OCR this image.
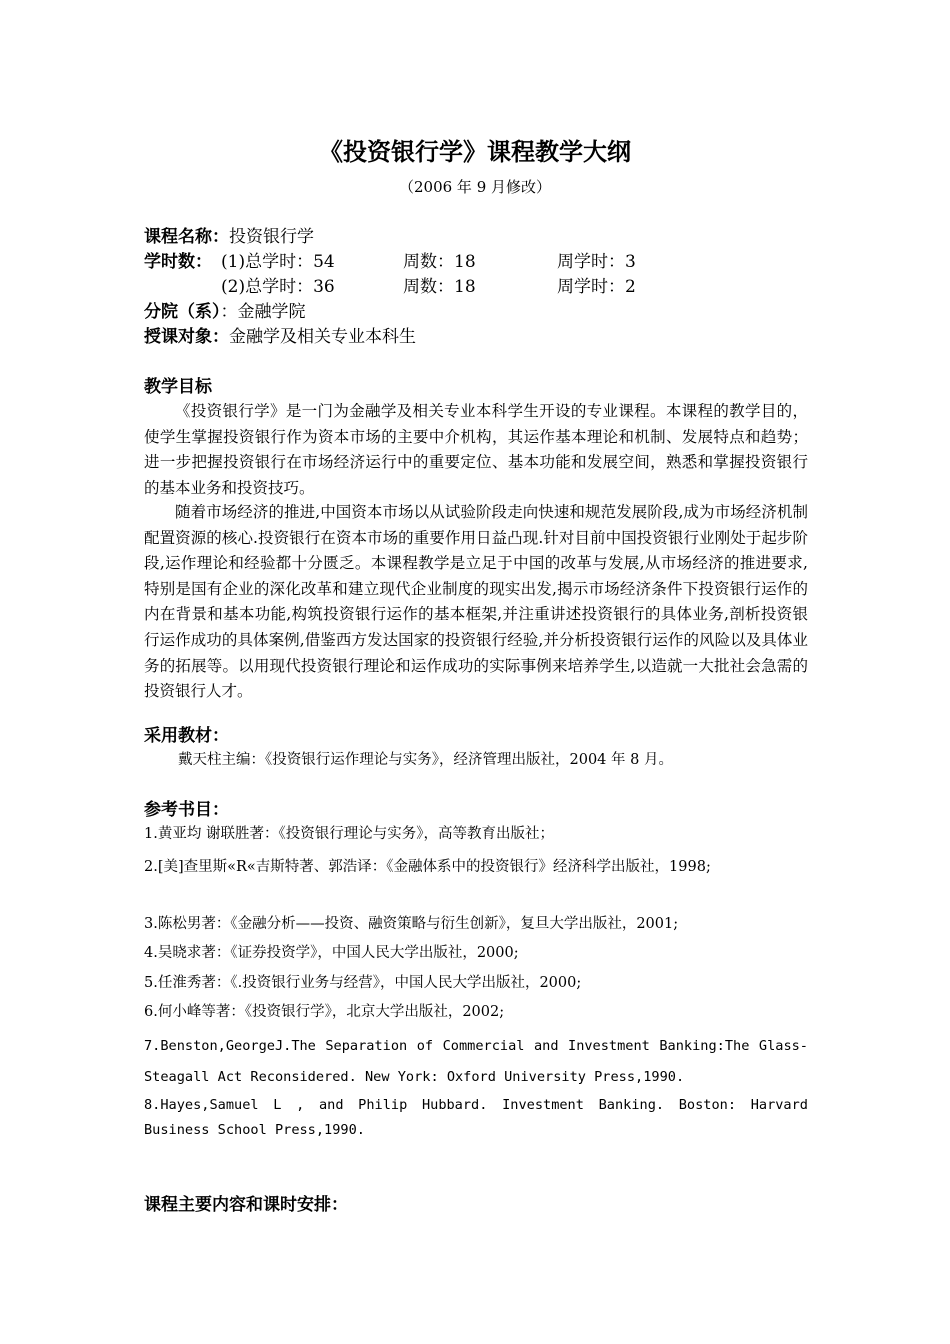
《投资银行学》课程教学大纲
（2006 年 9 月修改）
课程名称：投资银行学
学时数： (1)总学时：54	周数：18	周学时：3
(2)总学时：36	周数：18	周学时：2
分院（系）：金融学院
授课对象：金融学及相关专业本科生
教学目标
《投资银行学》是一门为金融学及相关专业本科学生开设的专业课程。本课程的教学目的，使学生掌握投资银行作为资本市场的主要中介机构，其运作基本理论和机制、发展特点和趋势；进一步把握投资银行在市场经济运行中的重要定位、基本功能和发展空间，熟悉和掌握投资银行的基本业务和投资技巧。
随着市场经济的推进,中国资本市场以从试验阶段走向快速和规范发展阶段,成为市场经济机制配置资源的核心.投资银行在资本市场的重要作用日益凸现.针对目前中国投资银行业刚处于起步阶段,运作理论和经验都十分匮乏。本课程教学是立足于中国的改革与发展,从市场经济的推进要求,特别是国有企业的深化改革和建立现代企业制度的现实出发,揭示市场经济条件下投资银行运作的内在背景和基本功能,构筑投资银行运作的基本框架,并注重讲述投资银行的具体业务,剖析投资银行运作成功的具体案例,借鉴西方发达国家的投资银行经验,并分析投资银行运作的风险以及具体业务的拓展等。以用现代投资银行理论和运作成功的实际事例来培养学生,以造就一大批社会急需的投资银行人才。
采用教材：
戴天柱主编：《投资银行运作理论与实务》，经济管理出版社，2004 年 8 月。
参考书目：
1.黄亚均 谢联胜著：《投资银行理论与实务》，高等教育出版社；
2.[美]查里斯«R«吉斯特著、郭浩译：《金融体系中的投资银行》经济科学出版社，1998;
3.陈松男著：《金融分析——投资、融资策略与衍生创新》，复旦大学出版社，2001;
4.吴晓求著：《证券投资学》，中国人民大学出版社，2000;
5.任淮秀著：《.投资银行业务与经营》，中国人民大学出版社，2000;
6.何小峰等著：《投资银行学》，北京大学出版社，2002;
7.Benston,GeorgeJ.The Separation of Commercial and Investment Banking:The Glass-Steagall Act Reconsidered. New York: Oxford University Press,1990.
8.Hayes,Samuel L , and Philip Hubbard. Investment Banking. Boston: Harvard Business School Press,1990.
课程主要内容和课时安排：
